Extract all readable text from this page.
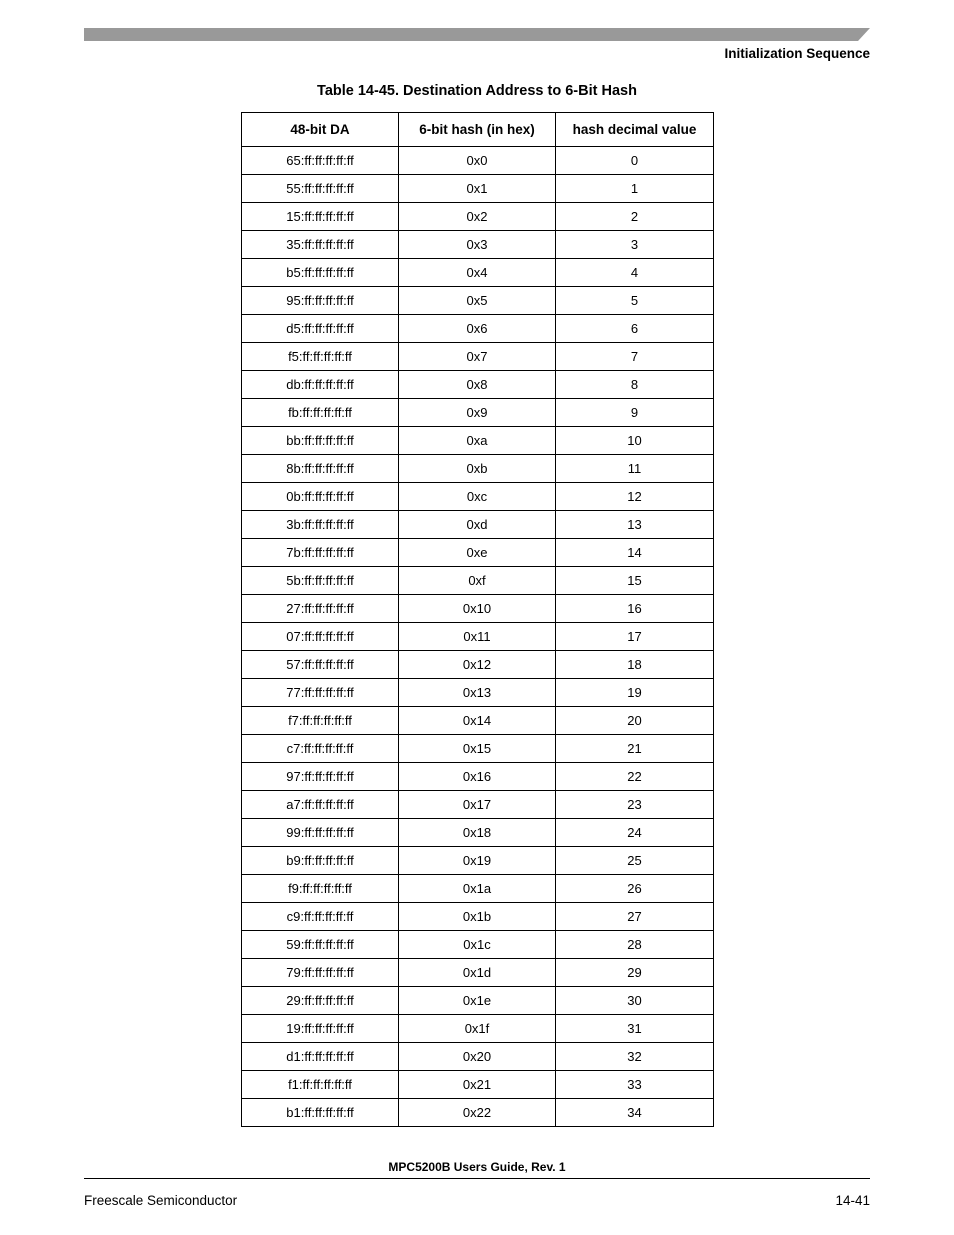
Initialization Sequence
Table 14-45. Destination Address to 6-Bit Hash
48-bit DA	6-bit hash (in hex)	hash decimal value
65:ff:ff:ff:ff:ff	0x0	0
55:ff:ff:ff:ff:ff	0x1	1
15:ff:ff:ff:ff:ff	0x2	2
35:ff:ff:ff:ff:ff	0x3	3
b5:ff:ff:ff:ff:ff	0x4	4
95:ff:ff:ff:ff:ff	0x5	5
d5:ff:ff:ff:ff:ff	0x6	6
f5:ff:ff:ff:ff:ff	0x7	7
db:ff:ff:ff:ff:ff	0x8	8
fb:ff:ff:ff:ff:ff	0x9	9
bb:ff:ff:ff:ff:ff	0xa	10
8b:ff:ff:ff:ff:ff	0xb	11
0b:ff:ff:ff:ff:ff	0xc	12
3b:ff:ff:ff:ff:ff	0xd	13
7b:ff:ff:ff:ff:ff	0xe	14
5b:ff:ff:ff:ff:ff	0xf	15
27:ff:ff:ff:ff:ff	0x10	16
07:ff:ff:ff:ff:ff	0x11	17
57:ff:ff:ff:ff:ff	0x12	18
77:ff:ff:ff:ff:ff	0x13	19
f7:ff:ff:ff:ff:ff	0x14	20
c7:ff:ff:ff:ff:ff	0x15	21
97:ff:ff:ff:ff:ff	0x16	22
a7:ff:ff:ff:ff:ff	0x17	23
99:ff:ff:ff:ff:ff	0x18	24
b9:ff:ff:ff:ff:ff	0x19	25
f9:ff:ff:ff:ff:ff	0x1a	26
c9:ff:ff:ff:ff:ff	0x1b	27
59:ff:ff:ff:ff:ff	0x1c	28
79:ff:ff:ff:ff:ff	0x1d	29
29:ff:ff:ff:ff:ff	0x1e	30
19:ff:ff:ff:ff:ff	0x1f	31
d1:ff:ff:ff:ff:ff	0x20	32
f1:ff:ff:ff:ff:ff	0x21	33
b1:ff:ff:ff:ff:ff	0x22	34
MPC5200B Users Guide, Rev. 1
Freescale Semiconductor	14-41
